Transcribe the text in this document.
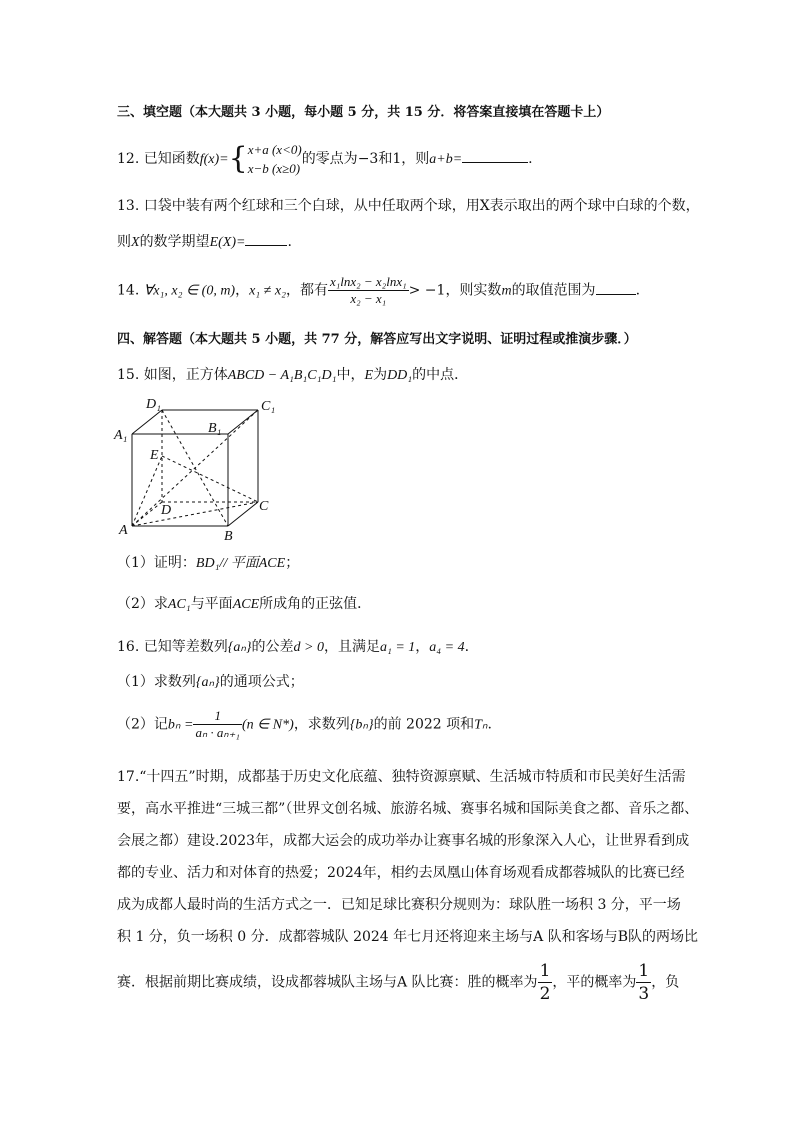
三、填空题（本大题共 3 小题，每小题 5 分，共 15 分．将答案直接填在答题卡上）
12. 已知函数f(x)={ x+a (x<0)
x−b (x≥0)
的零点为−3和1，则a+b=	.
13. 口袋中装有两个红球和三个白球，从中任取两个球，用X表示取出的两个球中白球的个数，
则X的数学期望E(X)=	.
14. ∀x₁, x₂ ∈ (0, m)，x₁ ≠ x₂，都有 $\frac{\text{x₁lnx₂ − x₂lnx₁}}{\text{x₂ − x₁}} > -1$，则实数m的取值范围为	.
四、解答题（本大题共 5 小题，共 77 分，解答应写出文字说明、证明过程或推演步骤．）
15. 如图，正方体ABCD − A₁B₁C₁D₁中，E为DD₁的中点．
D₁	C₁
A₁	B₁
E
D	C
A	B
（1）证明：BD₁// 平面ACE；
（2）求AC₁与平面ACE所成角的正弦值．
16. 已知等差数列{aₙ}的公差d > 0，且满足a₁ = 1，a₄ = 4.
（1）求数列{aₙ}的通项公式；
（2）记$b_n = \frac{1}{\text{aₙ · aₙ₊₁}} (n$ ∈ N*)，求数列{bₙ}的前 2022 项和Tₙ.
17.“十四五”时期，成都基于历史文化底蕴、独特资源禀赋、生活城市特质和市民美好生活需
要，高水平推进“三城三都”（世界文创名城、旅游名城、赛事名城和国际美食之都、音乐之都、
会展之都）建设.2023年，成都大运会的成功举办让赛事名城的形象深入人心，让世界看到成
都的专业、活力和对体育的热爱；2024年，相约去凤凰山体育场观看成都蓉城队的比赛已经
成为成都人最时尚的生活方式之一．已知足球比赛积分规则为：球队胜一场积 3 分，平一场
积 1 分，负一场积 0 分．成都蓉城队 2024 年七月还将迎来主场与A 队和客场与B队的两场比
赛．根据前期比赛成绩，设成都蓉城队主场与A 队比赛：胜的概率为 $\frac{1}{2}$ ，平的概率为 $\frac{1}{3}$ ，负
